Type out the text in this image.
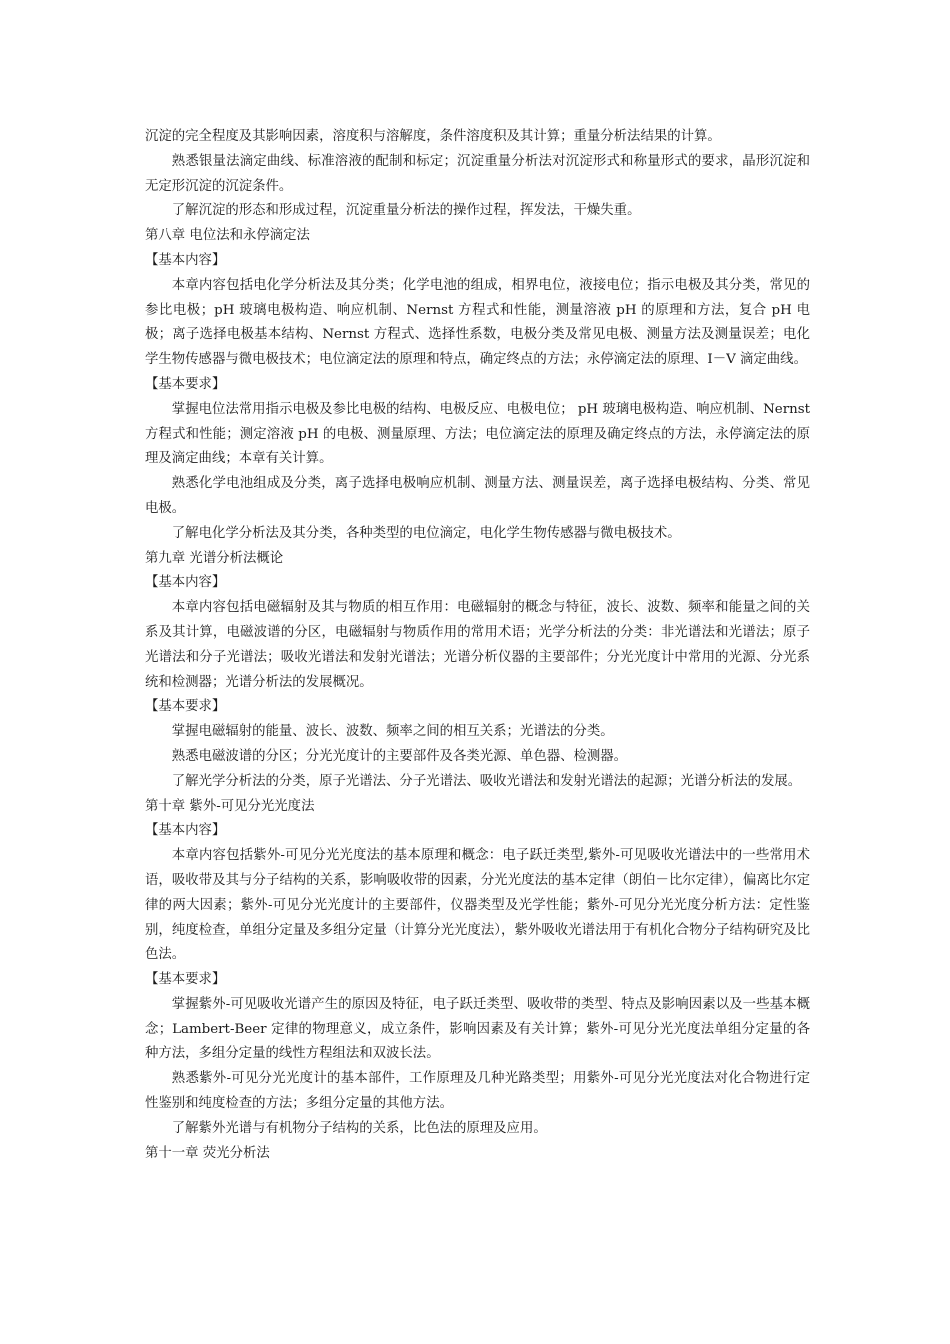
沉淀的完全程度及其影响因素，溶度积与溶解度，条件溶度积及其计算；重量分析法结果的计算。

熟悉银量法滴定曲线、标准溶液的配制和标定；沉淀重量分析法对沉淀形式和称量形式的要求，晶形沉淀和无定形沉淀的沉淀条件。

了解沉淀的形态和形成过程，沉淀重量分析法的操作过程，挥发法，干燥失重。

第八章 电位法和永停滴定法

【基本内容】

本章内容包括电化学分析法及其分类；化学电池的组成，相界电位，液接电位；指示电极及其分类，常见的参比电极；pH 玻璃电极构造、响应机制、Nernst 方程式和性能，测量溶液 pH 的原理和方法，复合 pH 电极；离子选择电极基本结构、Nernst 方程式、选择性系数，电极分类及常见电极、测量方法及测量误差；电化学生物传感器与微电极技术；电位滴定法的原理和特点，确定终点的方法；永停滴定法的原理、I－V 滴定曲线。

【基本要求】

掌握电位法常用指示电极及参比电极的结构、电极反应、电极电位； pH 玻璃电极构造、响应机制、Nernst 方程式和性能；测定溶液 pH 的电极、测量原理、方法；电位滴定法的原理及确定终点的方法，永停滴定法的原理及滴定曲线；本章有关计算。

熟悉化学电池组成及分类，离子选择电极响应机制、测量方法、测量误差，离子选择电极结构、分类、常见电极。

了解电化学分析法及其分类，各种类型的电位滴定，电化学生物传感器与微电极技术。

第九章 光谱分析法概论

【基本内容】

本章内容包括电磁辐射及其与物质的相互作用：电磁辐射的概念与特征，波长、波数、频率和能量之间的关系及其计算，电磁波谱的分区，电磁辐射与物质作用的常用术语；光学分析法的分类：非光谱法和光谱法；原子光谱法和分子光谱法；吸收光谱法和发射光谱法；光谱分析仪器的主要部件；分光光度计中常用的光源、分光系统和检测器；光谱分析法的发展概况。

【基本要求】

掌握电磁辐射的能量、波长、波数、频率之间的相互关系；光谱法的分类。

熟悉电磁波谱的分区；分光光度计的主要部件及各类光源、单色器、检测器。

了解光学分析法的分类，原子光谱法、分子光谱法、吸收光谱法和发射光谱法的起源；光谱分析法的发展。

第十章 紫外-可见分光光度法

【基本内容】

本章内容包括紫外-可见分光光度法的基本原理和概念：电子跃迁类型,紫外-可见吸收光谱法中的一些常用术语，吸收带及其与分子结构的关系，影响吸收带的因素，分光光度法的基本定律（朗伯－比尔定律），偏离比尔定律的两大因素；紫外-可见分光光度计的主要部件，仪器类型及光学性能；紫外-可见分光光度分析方法：定性鉴别，纯度检查，单组分定量及多组分定量（计算分光光度法），紫外吸收光谱法用于有机化合物分子结构研究及比色法。

【基本要求】

掌握紫外-可见吸收光谱产生的原因及特征，电子跃迁类型、吸收带的类型、特点及影响因素以及一些基本概念；Lambert-Beer 定律的物理意义，成立条件，影响因素及有关计算；紫外-可见分光光度法单组分定量的各种方法，多组分定量的线性方程组法和双波长法。

熟悉紫外-可见分光光度计的基本部件，工作原理及几种光路类型；用紫外-可见分光光度法对化合物进行定性鉴别和纯度检查的方法；多组分定量的其他方法。

了解紫外光谱与有机物分子结构的关系，比色法的原理及应用。

第十一章 荧光分析法
